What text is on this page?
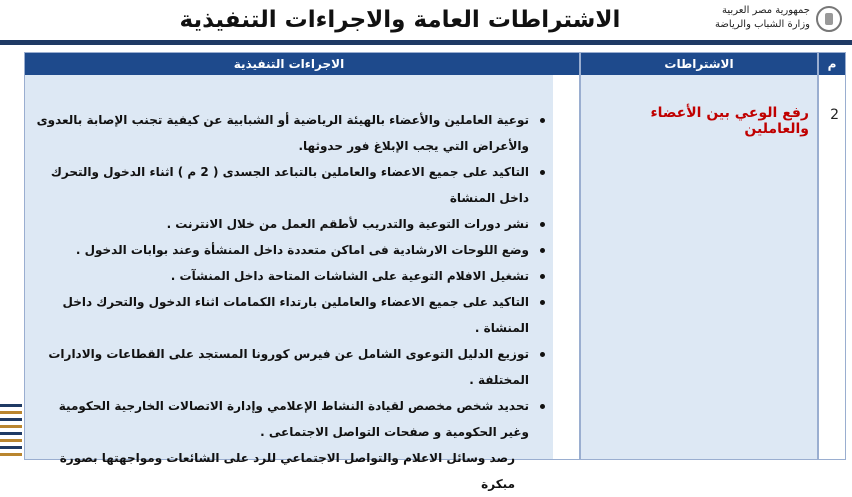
الاشتراطات العامة والاجراءات التنفيذية	جمهورية مصر العربية
وزارة الشباب والرياضة
م
الاشتراطات
الاجراءات التنفيذية
2
رفع الوعي بين الأعضاء والعاملين
توعية العاملين والأعضاء بالهيئة الرياضية أو الشبابية عن كيفية تجنب الإصابة بالعدوى والأعراض التي يجب الإبلاغ فور حدوثها.
التاكيد على جميع الاعضاء والعاملين بالتباعد الجسدى ( 2 م ) اثناء الدخول والتحرك داخل المنشاة
نشر دورات التوعية والتدريب لأطقم العمل من خلال الانترنت .
وضع اللوحات الارشادية فى اماكن متعددة داخل المنشأة وعند بوابات الدخول .
تشغيل الافلام التوعية على الشاشات المتاحة داخل المنشآت .
التاكيد على جميع الاعضاء والعاملين بارتداء الكمامات اثناء الدخول والتحرك داخل المنشاة .
توزيع الدليل التوعوى الشامل عن فيرس كورونا المستجد على القطاعات والادارات المختلفة .
تحديد شخص مخصص لقيادة النشاط الإعلامي وإدارة الاتصالات الخارجية الحكومية وغير الحكومية و صفحات التواصل الاجتماعى .
رصد وسائل الاعلام والتواصل الاجتماعي للرد على الشائعات ومواجهتها بصورة مبكرة
